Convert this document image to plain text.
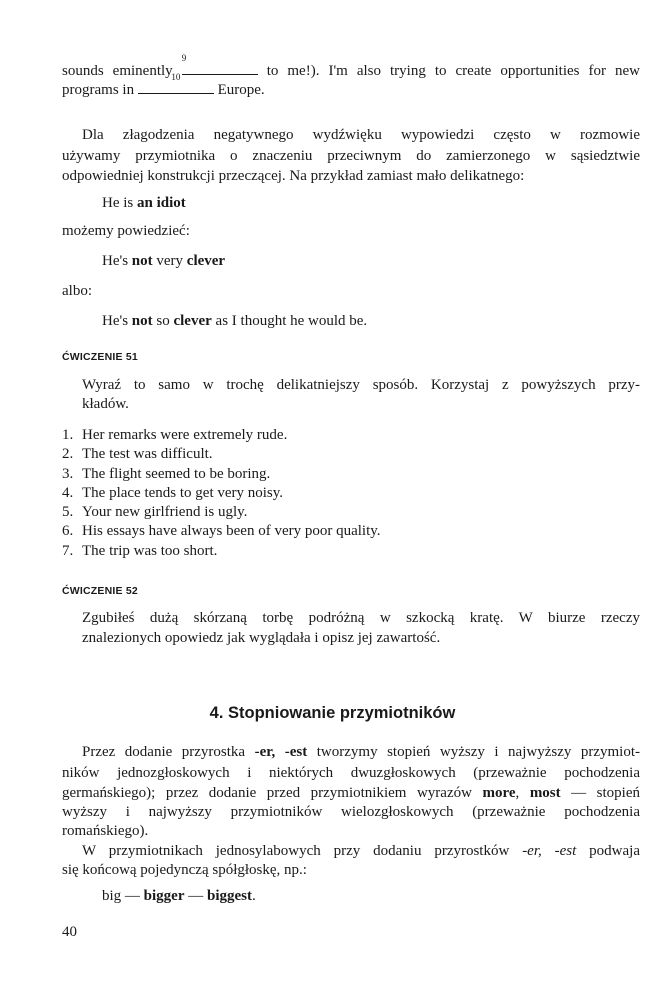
sounds eminently
9
to me!). I'm also trying to create opportunities for new
programs in
10
Europe.
Dla złagodzenia negatywnego wydźwięku wypowiedzi często w rozmowie
używamy przymiotnika o znaczeniu przeciwnym do zamierzonego w sąsiedztwie
odpowiedniej konstrukcji przeczącej. Na przykład zamiast mało delikatnego:
He is an idiot
możemy powiedzieć:
He's not very clever
albo:
He's not so clever as I thought he would be.
ĆWICZENIE 51
Wyraź to samo w trochę delikatniejszy sposób. Korzystaj z powyższych przy-
kładów.
1. Her remarks were extremely rude.
2. The test was difficult.
3. The flight seemed to be boring.
4. The place tends to get very noisy.
5. Your new girlfriend is ugly.
6. His essays have always been of very poor quality.
7. The trip was too short.
ĆWICZENIE 52
Zgubiłeś dużą skórzaną torbę podróżną w szkocką kratę. W biurze rzeczy
znalezionych opowiedz jak wyglądała i opisz jej zawartość.
4. Stopniowanie przymiotników
Przez dodanie przyrostka -er, -est tworzymy stopień wyższy i najwyższy przymiot-
ników jednozgłoskowych i niektórych dwuzgłoskowych (przeważnie pochodzenia
germańskiego); przez dodanie przed przymiotnikiem wyrazów more, most — stopień
wyższy i najwyższy przymiotników wielozgłoskowych (przeważnie pochodzenia
romańskiego).
W przymiotnikach jednosylabowych przy dodaniu przyrostków -er, -est podwaja
się końcową pojedynczą spółgłoskę, np.:
big — bigger — biggest.
40
